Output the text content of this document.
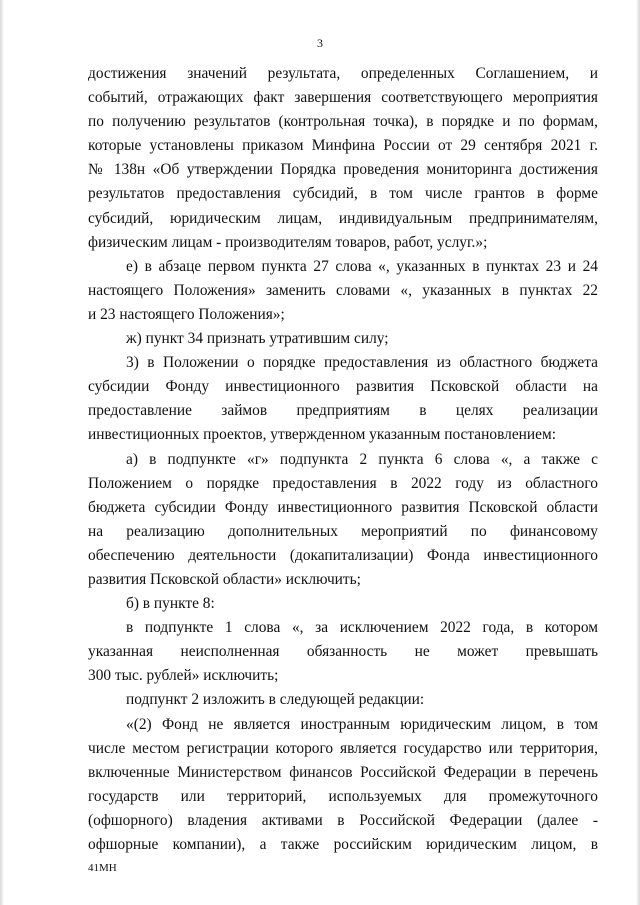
3
достижения значений результата, определенных Соглашением, и
событий, отражающих факт завершения соответствующего мероприятия
по получению результатов (контрольная точка), в порядке и по формам,
которые установлены приказом Минфина России от 29 сентября 2021 г.
№ 138н «Об утверждении Порядка проведения мониторинга достижения
результатов предоставления субсидий, в том числе грантов в форме
субсидий, юридическим лицам, индивидуальным предпринимателям,
физическим лицам - производителям товаров, работ, услуг.»;
е) в абзаце первом пункта 27 слова «, указанных в пунктах 23 и 24
настоящего Положения» заменить словами «, указанных в пунктах 22
и 23 настоящего Положения»;
ж) пункт 34 признать утратившим силу;
3) в Положении о порядке предоставления из областного бюджета
субсидии Фонду инвестиционного развития Псковской области на
предоставление займов предприятиям в целях реализации
инвестиционных проектов, утвержденном указанным постановлением:
а) в подпункте «г» подпункта 2 пункта 6 слова «, а также с
Положением о порядке предоставления в 2022 году из областного
бюджета субсидии Фонду инвестиционного развития Псковской области
на реализацию дополнительных мероприятий по финансовому
обеспечению деятельности (докапитализации) Фонда инвестиционного
развития Псковской области» исключить;
б) в пункте 8:
в подпункте 1 слова «, за исключением 2022 года, в котором
указанная неисполненная обязанность не может превышать
300 тыс. рублей» исключить;
подпункт 2 изложить в следующей редакции:
«(2) Фонд не является иностранным юридическим лицом, в том
числе местом регистрации которого является государство или территория,
включенные Министерством финансов Российской Федерации в перечень
государств или территорий, используемых для промежуточного
(офшорного) владения активами в Российской Федерации (далее -
офшорные компании), а также российским юридическим лицом, в
41МН
